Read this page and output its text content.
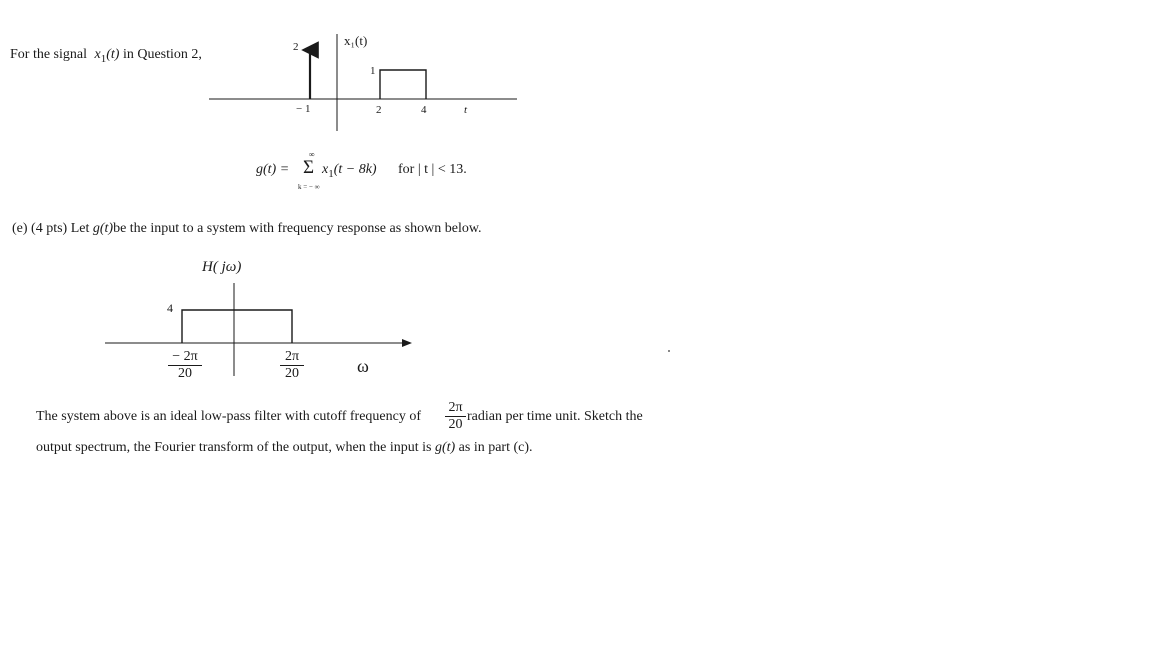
For the signal $x_1(t)$ in Question 2,	2	x₁(t)
1
− 1	2	4	t
g(t) =
∞
Σ
k = − ∞
$x_1(t - 8k)$ for | t | < 13.
(e) (4 pts) Let g(t)be the input to a system with frequency response as shown below.
H( jω)
4
$\frac{- 2\pi}{20}$	$\frac{2\pi}{20}$	ω
The system above is an ideal low-pass filter with cutoff frequency of $\frac{2\pi}{20}$ radian per time unit. Sketch the
output spectrum, the Fourier transform of the output, when the input is g(t) as in part (c).
